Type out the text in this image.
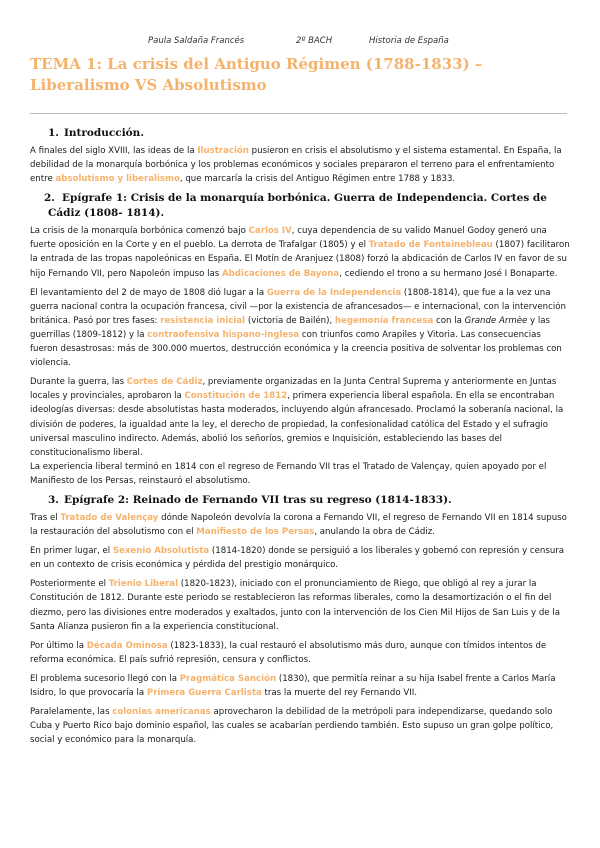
Paula Saldaña Francés	2º BACH	Historia de España
TEMA 1: La crisis del Antiguo Régimen (1788-1833) – Liberalismo VS Absolutismo
1. Introducción.

A finales del siglo XVIII, las ideas de la Ilustración pusieron en crisis el absolutismo y el sistema estamental. En España, la debilidad de la monarquía borbónica y los problemas económicos y sociales prepararon el terreno para el enfrentamiento entre absolutismo y liberalismo, que marcaría la crisis del Antiguo Régimen entre 1788 y 1833.

2. Epígrafe 1: Crisis de la monarquía borbónica. Guerra de Independencia. Cortes de Cádiz (1808- 1814).

La crisis de la monarquía borbónica comenzó bajo Carlos IV, cuya dependencia de su valido Manuel Godoy generó una fuerte oposición en la Corte y en el pueblo. La derrota de Trafalgar (1805) y el Tratado de Fontainebleau (1807) facilitaron la entrada de las tropas napoleónicas en España. El Motín de Aranjuez (1808) forzó la abdicación de Carlos IV en favor de su hijo Fernando VII, pero Napoleón impuso las Abdicaciones de Bayona, cediendo el trono a su hermano José I Bonaparte.

El levantamiento del 2 de mayo de 1808 dió lugar a la Guerra de la Independencia (1808-1814), que fue a la vez una guerra nacional contra la ocupación francesa, civil —por la existencia de afrancesados— e internacional, con la intervención británica. Pasó por tres fases: resistencia inicial (victoria de Bailén), hegemonía francesa con la Grande Armèe y las guerrillas (1809-1812) y la contraofensiva hispano-inglesa con triunfos como Arapiles y Vitoria. Las consecuencias fueron desastrosas: más de 300.000 muertos, destrucción económica y la creencia positiva de solventar los problemas con violencia.

Durante la guerra, las Cortes de Cádiz, previamente organizadas en la Junta Central Suprema y anteriormente en Juntas locales y provinciales, aprobaron la Constitución de 1812, primera experiencia liberal española. En ella se encontraban ideologías diversas: desde absolutistas hasta moderados, incluyendo algún afrancesado. Proclamó la soberanía nacional, la división de poderes, la igualdad ante la ley, el derecho de propiedad, la confesionalidad católica del Estado y el sufragio universal masculino indirecto. Además, abolió los señoríos, gremios e Inquisición, estableciendo las bases del constitucionalismo liberal.

La experiencia liberal terminó en 1814 con el regreso de Fernando VII tras el Tratado de Valençay, quien apoyado por el Manifiesto de los Persas, reinstauró el absolutismo.

3. Epígrafe 2: Reinado de Fernando VII tras su regreso (1814-1833).

Tras el Tratado de Valençay dónde Napoleón devolvía la corona a Fernando VII, el regreso de Fernando VII en 1814 supuso la restauración del absolutismo con el Manifiesto de los Persas, anulando la obra de Cádiz.

En primer lugar, el Sexenio Absolutista (1814-1820) donde se persiguió a los liberales y gobernó con represión y censura en un contexto de crisis económica y pérdida del prestigio monárquico.

Posteriormente el Trienio Liberal (1820-1823), iniciado con el pronunciamiento de Riego, que obligó al rey a jurar la Constitución de 1812. Durante este periodo se restablecieron las reformas liberales, como la desamortización o el fin del diezmo, pero las divisiones entre moderados y exaltados, junto con la intervención de los Cien Mil Hijos de San Luis y de la Santa Alianza pusieron fin a la experiencia constitucional.

Por último la Década Ominosa (1823-1833), la cual restauró el absolutismo más duro, aunque con tímidos intentos de reforma económica. El país sufrió represión, censura y conflictos.

El problema sucesorio llegó con la Pragmática Sanción (1830), que permitía reinar a su hija Isabel frente a Carlos María Isidro, lo que provocaría la Primera Guerra Carlista tras la muerte del rey Fernando VII.

Paralelamente, las colonias americanas aprovecharon la debilidad de la metrópoli para independizarse, quedando solo Cuba y Puerto Rico bajo dominio español, las cuales se acabarían perdiendo también. Esto supuso un gran golpe político, social y económico para la monarquía.
